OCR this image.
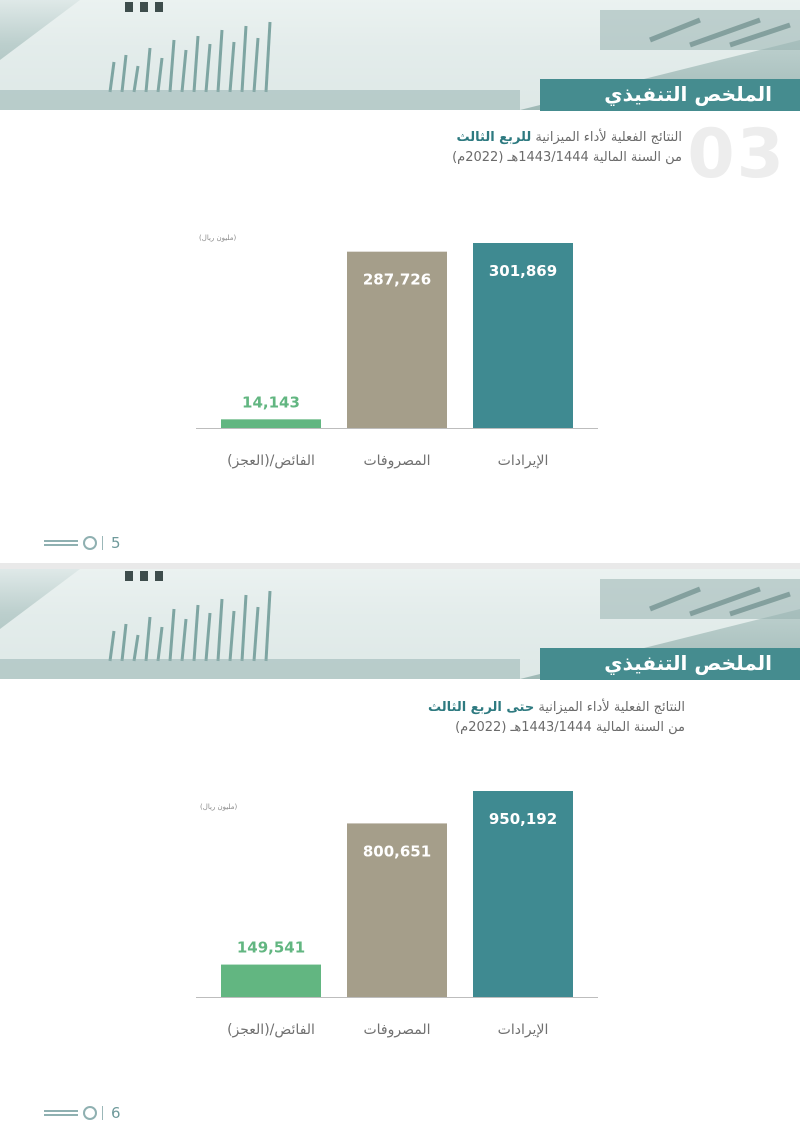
الملخص التنفيذي
03
النتائج الفعلية لأداء الميزانية للربع الثالث
من السنة المالية 1443/1444هـ (2022م)
(مليون ريال)
301,869
الإيرادات
287,726
المصروفات
14,143
الفائض/(العجز)
5
الملخص التنفيذي
النتائج الفعلية لأداء الميزانية حتى الربع الثالث
من السنة المالية 1443/1444هـ (2022م)
(مليون ريال)
950,192
الإيرادات
800,651
المصروفات
149,541
الفائض/(العجز)
6
